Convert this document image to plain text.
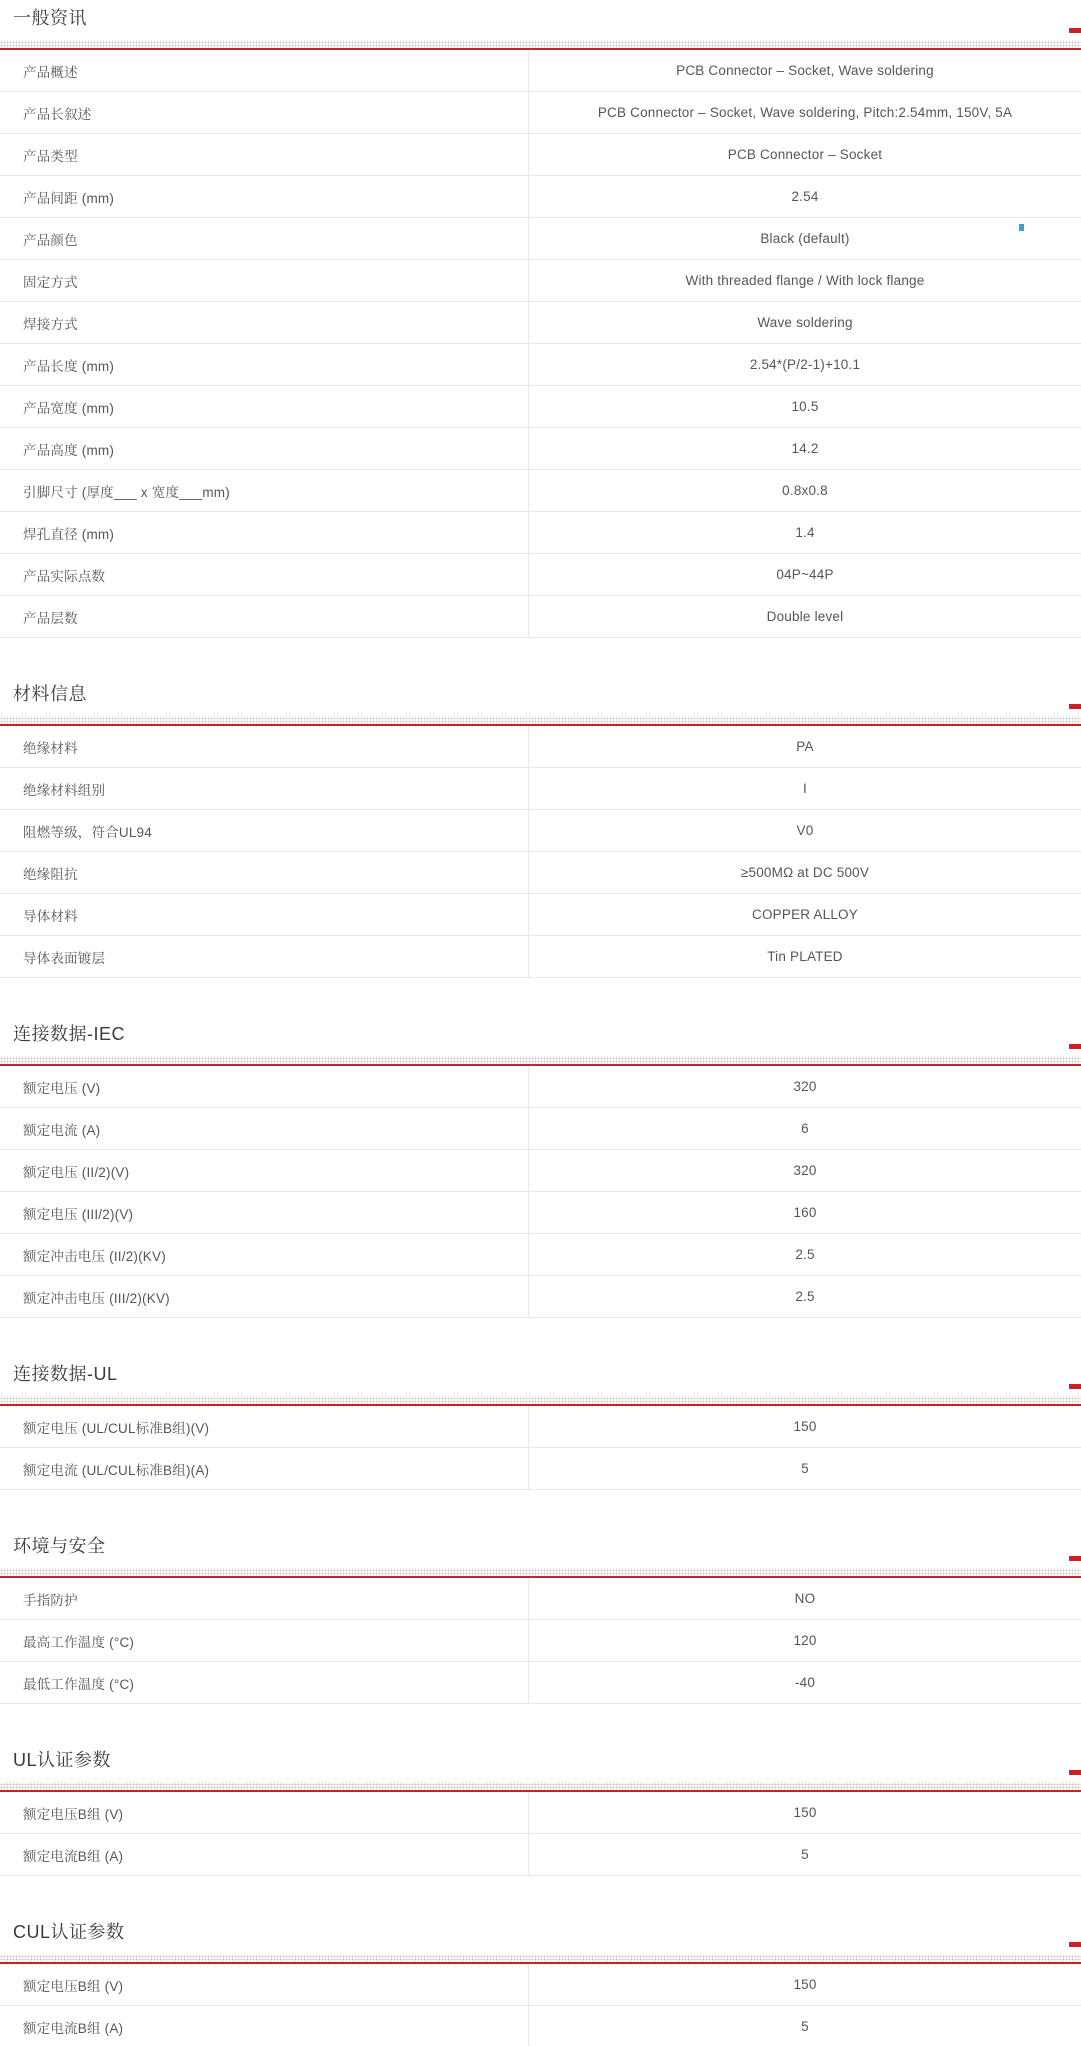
一般资讯
产品概述	PCB Connector – Socket, Wave soldering
产品长叙述	PCB Connector – Socket, Wave soldering, Pitch:2.54mm, 150V, 5A
产品类型	PCB Connector – Socket
产品间距 (mm)	2.54
产品颜色	Black (default)
固定方式	With threaded flange / With lock flange
焊接方式	Wave soldering
产品长度 (mm)	2.54*(P/2-1)+10.1
产品宽度 (mm)	10.5
产品高度 (mm)	14.2
引脚尺寸 (厚度___ x 宽度___mm)	0.8x0.8
焊孔直径 (mm)	1.4
产品实际点数	04P~44P
产品层数	Double level
材料信息
绝缘材料	PA
绝缘材料组别	I
阻燃等级，符合UL94	V0
绝缘阻抗	≥500MΩ at DC 500V
导体材料	COPPER ALLOY
导体表面镀层	Tin PLATED
连接数据-IEC
额定电压 (V)	320
额定电流 (A)	6
额定电压 (II/2)(V)	320
额定电压 (III/2)(V)	160
额定冲击电压 (II/2)(KV)	2.5
额定冲击电压 (III/2)(KV)	2.5
连接数据-UL
额定电压 (UL/CUL标准B组)(V)	150
额定电流 (UL/CUL标准B组)(A)	5
环境与安全
手指防护	NO
最高工作温度 (°C)	120
最低工作温度 (°C)	-40
UL认证参数
额定电压B组 (V)	150
额定电流B组 (A)	5
CUL认证参数
额定电压B组 (V)	150
额定电流B组 (A)	5
